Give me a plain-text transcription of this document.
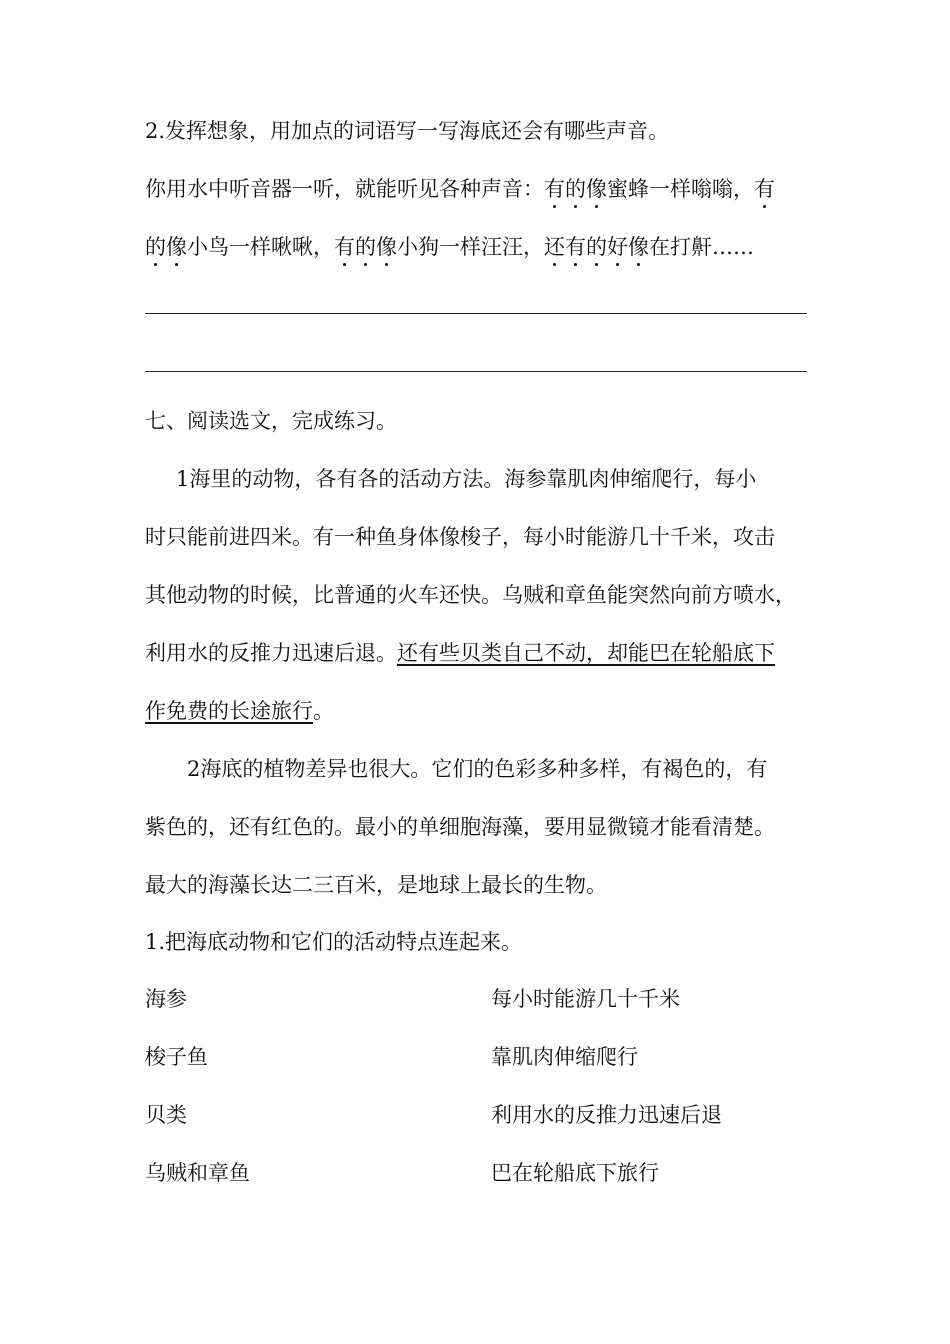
2.发挥想象，用加点的词语写一写海底还会有哪些声音。
你用水中听音器一听，就能听见各种声音：有的像蜜蜂一样嗡嗡，有
的像小鸟一样啾啾，有的像小狗一样汪汪，还有的好像在打鼾……
七、阅读选文，完成练习。
1海里的动物，各有各的活动方法。海参靠肌肉伸缩爬行，每小
时只能前进四米。有一种鱼身体像梭子，每小时能游几十千米，攻击
其他动物的时候，比普通的火车还快。乌贼和章鱼能突然向前方喷水，
利用水的反推力迅速后退。还有些贝类自己不动，却能巴在轮船底下
作免费的长途旅行。
2海底的植物差异也很大。它们的色彩多种多样，有褐色的，有
紫色的，还有红色的。最小的单细胞海藻，要用显微镜才能看清楚。
最大的海藻长达二三百米，是地球上最长的生物。
1.把海底动物和它们的活动特点连起来。
海参	每小时能游几十千米
梭子鱼	靠肌肉伸缩爬行
贝类	利用水的反推力迅速后退
乌贼和章鱼	巴在轮船底下旅行
